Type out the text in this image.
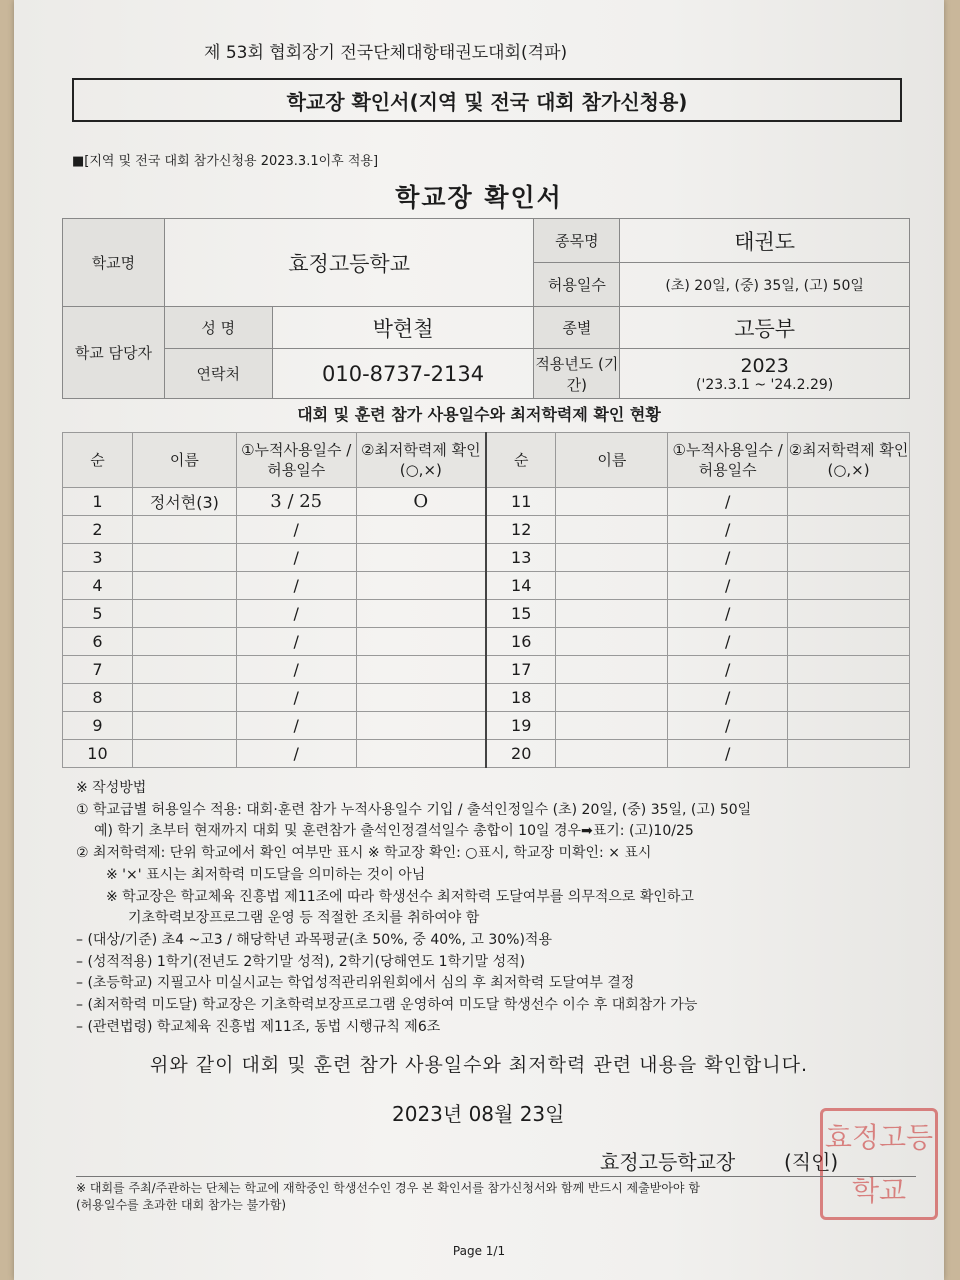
제 53회 협회장기 전국단체대항태권도대회(격파)
학교장 확인서(지역 및 전국 대회 참가신청용)
■[지역 및 전국 대회 참가신청용 2023.3.1이후 적용]
학교장 확인서
학교명	효정고등학교		종목명	태권도
			허용일수	(초) 20일, (중) 35일, (고) 50일
학교 담당자	성 명	박현철	종별	고등부
	연락처	010-8737-2134	적용년도 (기간)	2023
('23.3.1 ~ '24.2.29)
대회 및 훈련 참가 사용일수와 최저학력제 확인 현황
순	이름	①누적사용일수 /허용일수	②최저학력제 확인(○,×)	순	이름	①누적사용일수 /허용일수	②최저학력제 확인(○,×)
1	정서현(3)	3 / 25	O	11		/	
2		/		12		/	
3		/		13		/	
4		/		14		/	
5		/		15		/	
6		/		16		/	
7		/		17		/	
8		/		18		/	
9		/		19		/	
10		/		20		/	
※ 작성방법
① 학교급별 허용일수 적용: 대회·훈련 참가 누적사용일수 기입 / 출석인정일수 (초) 20일, (중) 35일, (고) 50일
예) 학기 초부터 현재까지 대회 및 훈련참가 출석인정결석일수 총합이 10일 경우➡표기: (고)10/25
② 최저학력제: 단위 학교에서 확인 여부만 표시 ※ 학교장 확인: ○표시, 학교장 미확인: × 표시
※ '×' 표시는 최저학력 미도달을 의미하는 것이 아님
※ 학교장은 학교체육 진흥법 제11조에 따라 학생선수 최저학력 도달여부를 의무적으로 확인하고
기초학력보장프로그램 운영 등 적절한 조치를 취하여야 함
– (대상/기준) 초4 ~고3 / 해당학년 과목평균(초 50%, 중 40%, 고 30%)적용
– (성적적용) 1학기(전년도 2학기말 성적), 2학기(당해연도 1학기말 성적)
– (초등학교) 지필고사 미실시교는 학업성적관리위원회에서 심의 후 최저학력 도달여부 결정
– (최저학력 미도달) 학교장은 기초학력보장프로그램 운영하여 미도달 학생선수 이수 후 대회참가 가능
– (관련법령) 학교체육 진흥법 제11조, 동법 시행규칙 제6조
위와 같이 대회 및 훈련 참가 사용일수와 최저학력 관련 내용을 확인합니다.
2023년 08월 23일
효정고등학교장 (직인)
효정 고등
학교
※ 대회를 주최/주관하는 단체는 학교에 재학중인 학생선수인 경우 본 확인서를 참가신청서와 함께 반드시 제출받아야 함
(허용일수를 초과한 대회 참가는 불가함)
Page 1/1
